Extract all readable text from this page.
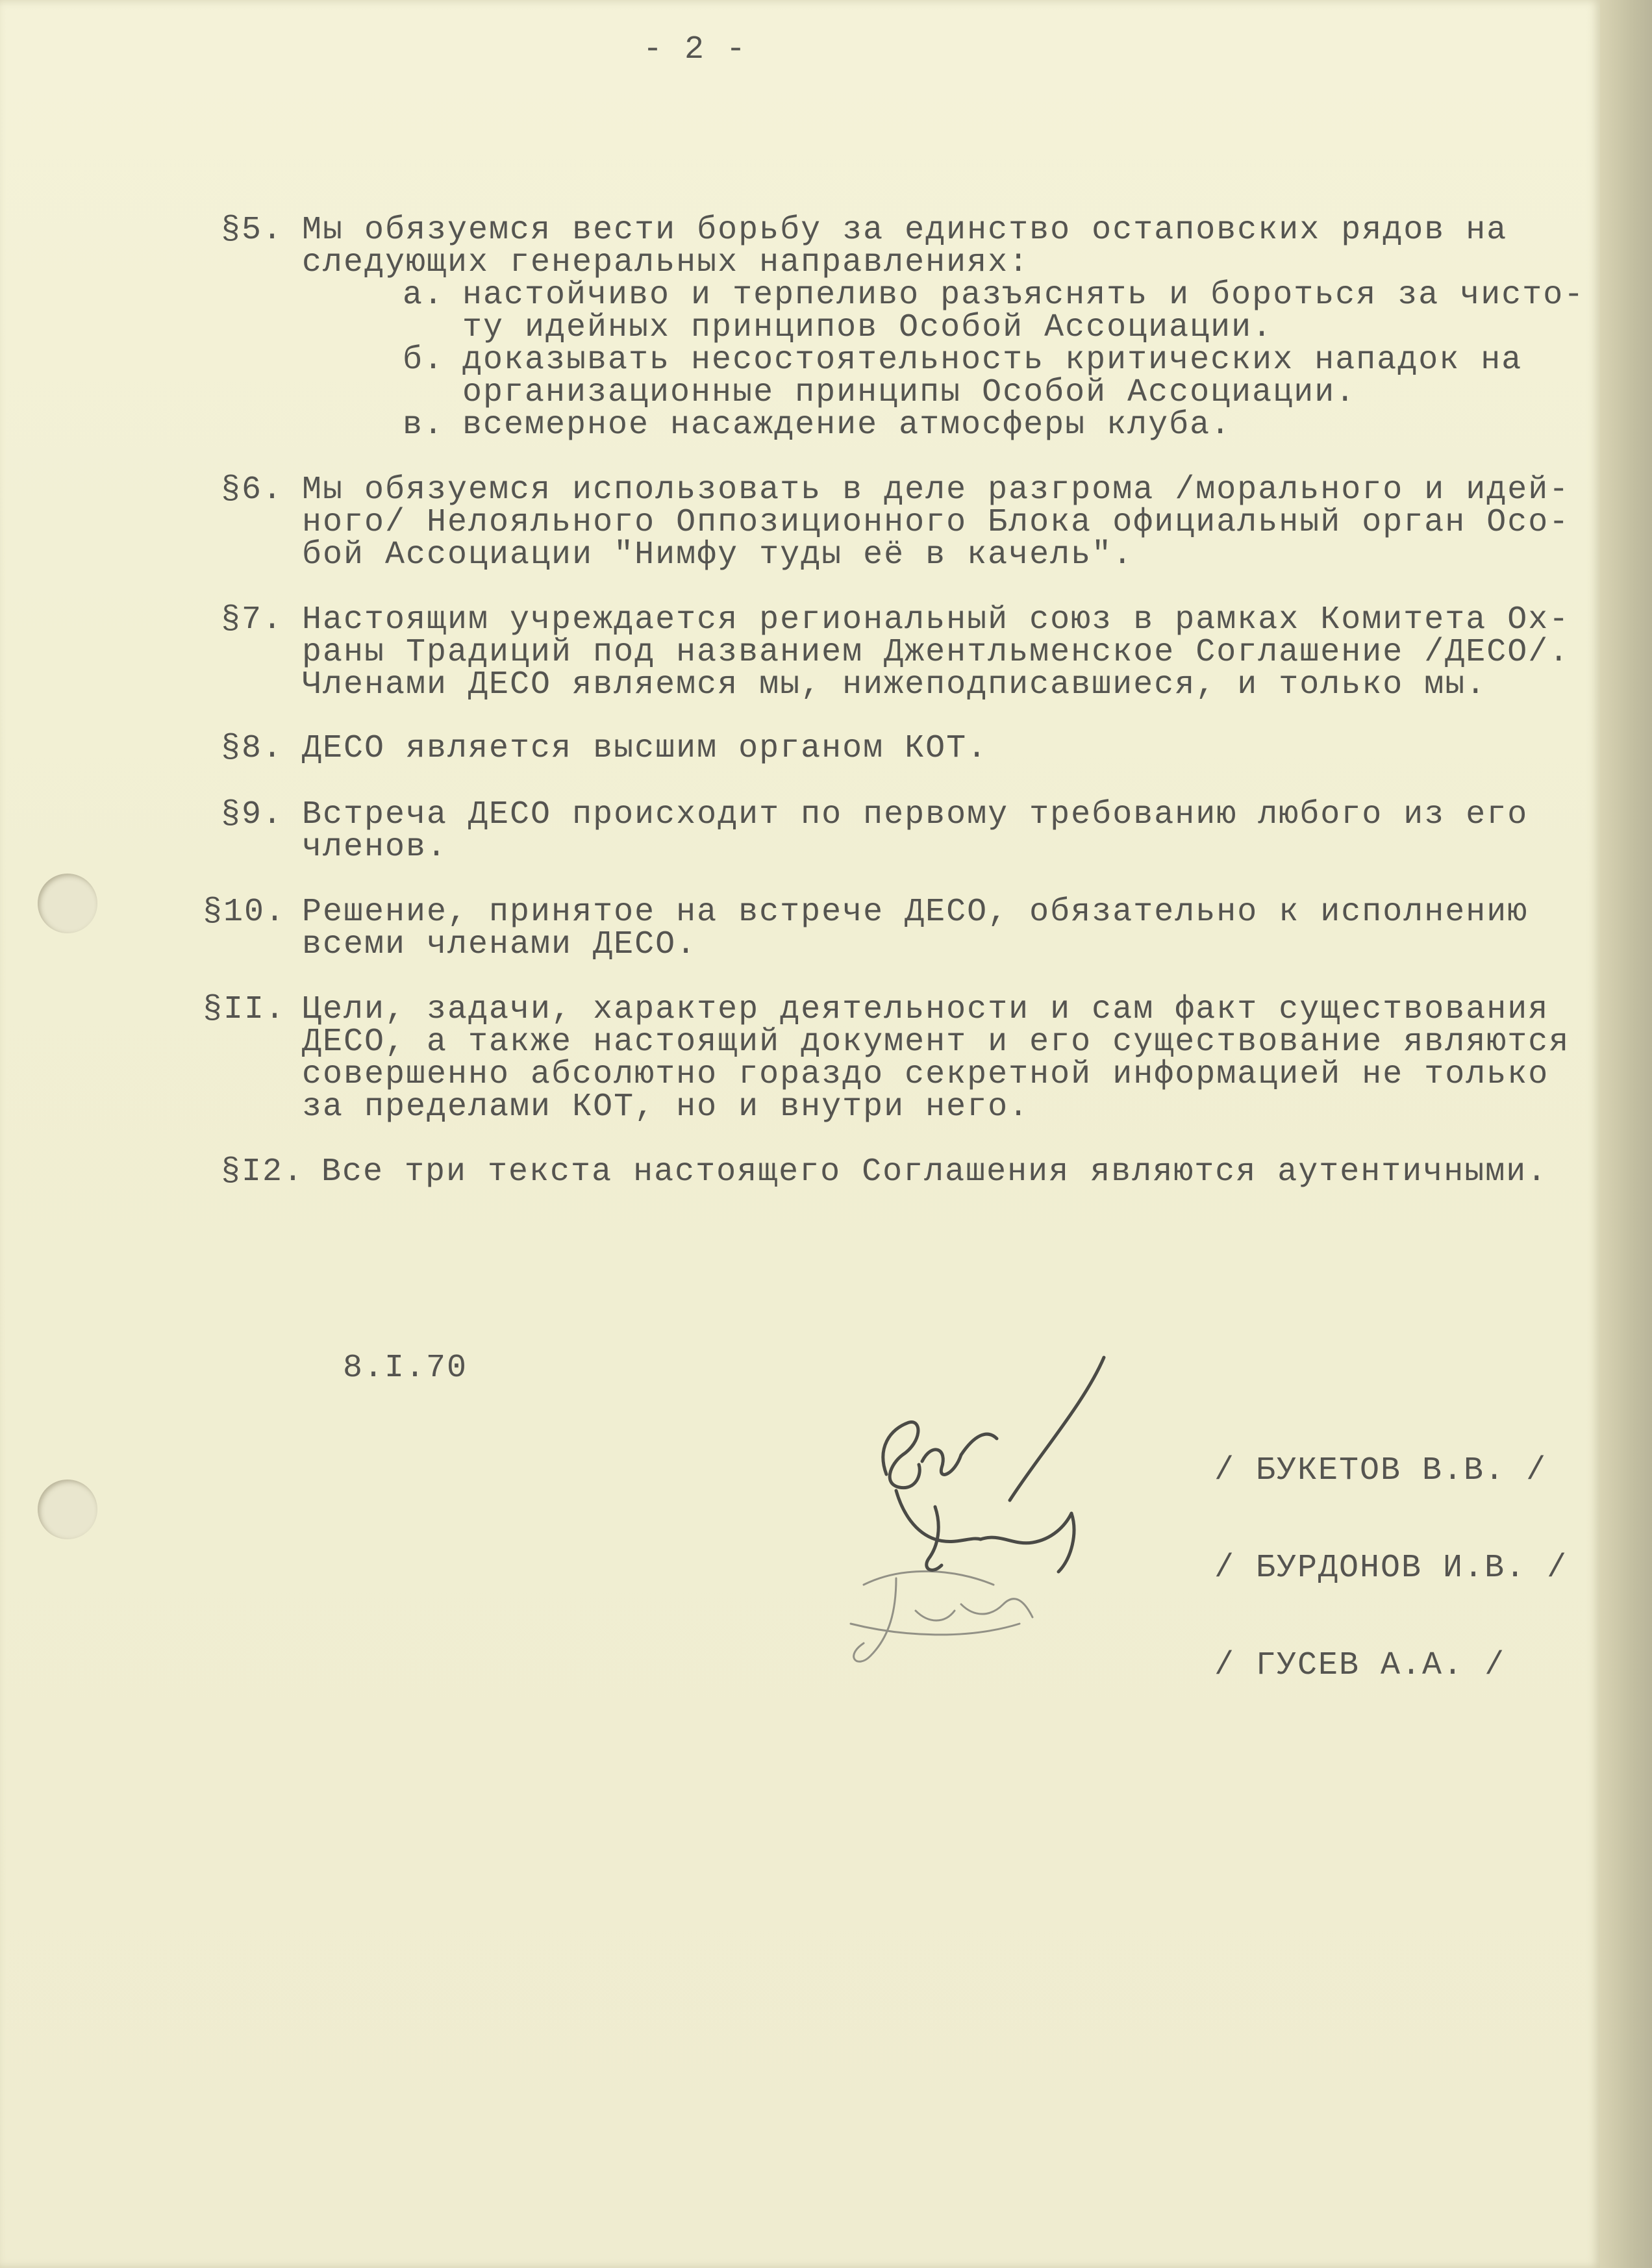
- 2 -
§5. Мы обязуемся вести борьбу за единство остаповских рядов на
следующих генеральных направлениях:
а. настойчиво и терпеливо разъяснять и бороться за чисто-
ту идейных принципов Особой Ассоциации.
б. доказывать несостоятельность критических нападок на
организационные принципы Особой Ассоциации.
в. всемерное насаждение атмосферы клуба.
§6. Мы обязуемся использовать в деле разгрома /морального и идей-
ного/ Нелояльного Оппозиционного Блока официальный орган Осо-
бой Ассоциации "Нимфу туды её в качель".
§7. Настоящим учреждается региональный союз в рамках Комитета Ох-
раны Традиций под названием Джентльменское Соглашение /ДЕСО/.
Членами ДЕСО являемся мы, нижеподписавшиеся, и только мы.
§8. ДЕСО является высшим органом КОТ.
§9. Встреча ДЕСО происходит по первому требованию любого из его
членов.
§10. Решение, принятое на встрече ДЕСО, обязательно к исполнению
всеми членами ДЕСО.
§II. Цели, задачи, характер деятельности и сам факт существования
ДЕСО, а также настоящий документ и его существование являются
совершенно абсолютно гораздо секретной информацией не только
за пределами КОТ, но и внутри него.
§I2. Все три текста настоящего Соглашения являются аутентичными.
8.I.70
/ БУКЕТОВ В.В. /
/ БУРДОНОВ И.В. /
/ ГУСЕВ А.А. /
